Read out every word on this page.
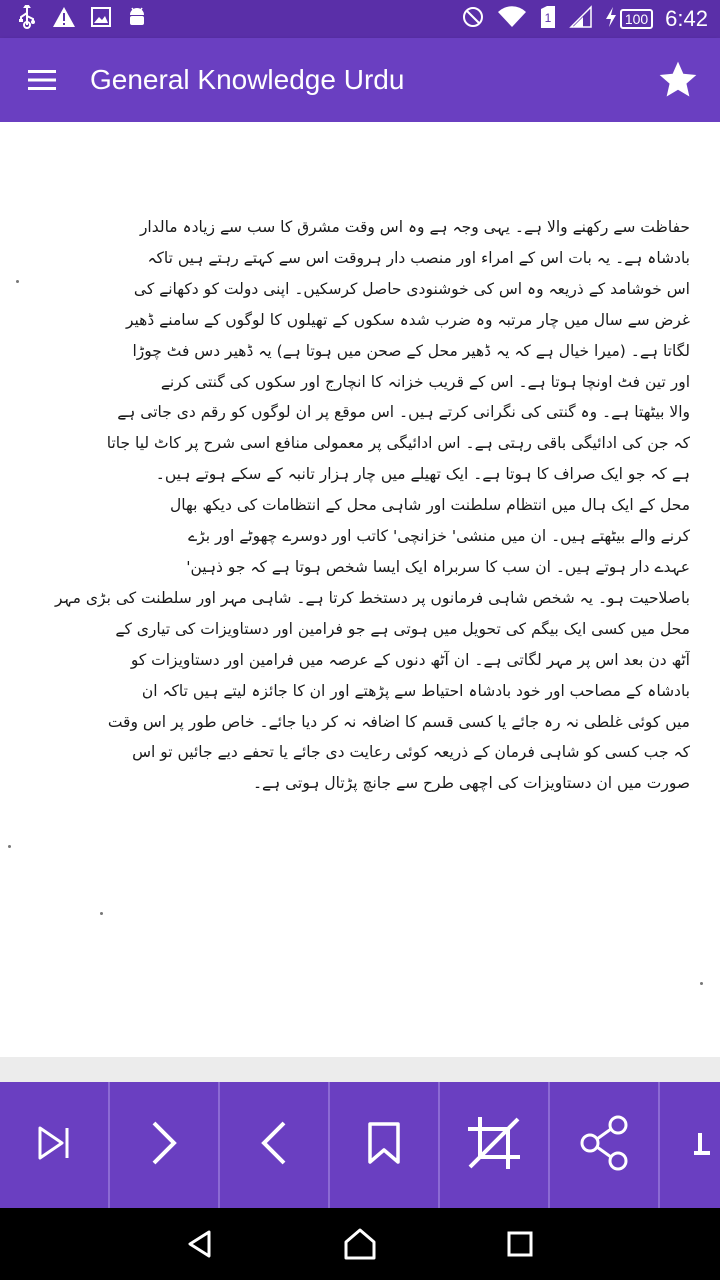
1	100 6:42
General Knowledge Urdu

حفاظت سے رکھنے والا ہے۔ یہی وجہ ہے وہ اس وقت مشرق کا سب سے زیادہ مالدار

بادشاہ ہے۔ یہ بات اس کے امراء اور منصب دار ہروقت اس سے کہتے رہتے ہیں تاکہ

اس خوشامد کے ذریعہ وہ اس کی خوشنودی حاصل کرسکیں۔ اپنی دولت کو دکھانے کی

غرض سے سال میں چار مرتبہ وہ ضرب شدہ سکوں کے تھیلوں کا لوگوں کے سامنے ڈھیر

لگاتا ہے۔ (میرا خیال ہے کہ یہ ڈھیر محل کے صحن میں ہوتا ہے) یہ ڈھیر دس فٹ چوڑا

اور تین فٹ اونچا ہوتا ہے۔ اس کے قریب خزانہ کا انچارج اور سکوں کی گنتی کرنے

والا بیٹھتا ہے۔ وہ گنتی کی نگرانی کرتے ہیں۔ اس موقع پر ان لوگوں کو رقم دی جاتی ہے

کہ جن کی ادائیگی باقی رہتی ہے۔ اس ادائیگی پر معمولی منافع اسی شرح پر کاٹ لیا جاتا

ہے کہ جو ایک صراف کا ہوتا ہے۔ ایک تھیلے میں چار ہزار تانبہ کے سکے ہوتے ہیں۔

محل کے ایک ہال میں انتظام سلطنت اور شاہی محل کے انتظامات کی دیکھ بھال

کرنے والے بیٹھتے ہیں۔ ان میں منشی' خزانچی' کاتب اور دوسرے چھوٹے اور بڑے

عہدے دار ہوتے ہیں۔ ان سب کا سربراہ ایک ایسا شخص ہوتا ہے کہ جو ذہین'

باصلاحیت ہو۔ یہ شخص شاہی فرمانوں پر دستخط کرتا ہے۔ شاہی مہر اور سلطنت کی بڑی مہر

محل میں کسی ایک بیگم کی تحویل میں ہوتی ہے جو فرامین اور دستاویزات کی تیاری کے

آٹھ دن بعد اس پر مہر لگاتی ہے۔ ان آٹھ دنوں کے عرصہ میں فرامین اور دستاویزات کو

بادشاہ کے مصاحب اور خود بادشاہ احتیاط سے پڑھتے اور ان کا جائزہ لیتے ہیں تاکہ ان

میں کوئی غلطی نہ رہ جائے یا کسی قسم کا اضافہ نہ کر دیا جائے۔ خاص طور پر اس وقت

کہ جب کسی کو شاہی فرمان کے ذریعہ کوئی رعایت دی جائے یا تحفے دیے جائیں تو اس

صورت میں ان دستاویزات کی اچھی طرح سے جانچ پڑتال ہوتی ہے۔
